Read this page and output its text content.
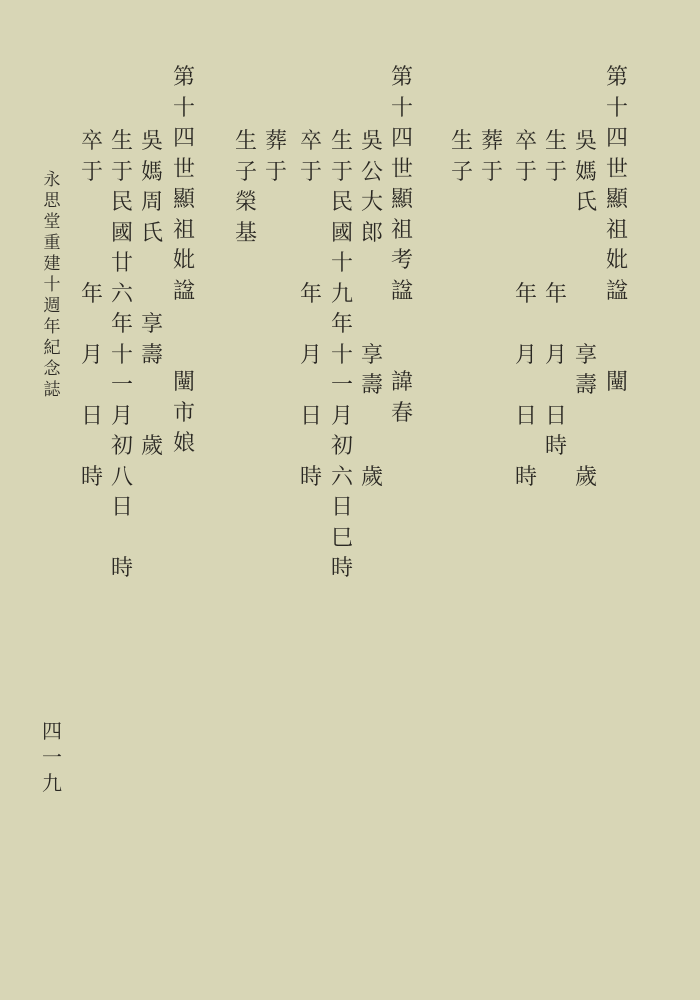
永
思
堂
重
建
十
週
年
紀
念
誌
四
一
九
第
十
四
世
顯
祖
妣
諡
闉
吳
媽
氏
享
壽
歲
生
于
年
月
日
時
卒
于
年
月
日
時
葬
于
生
子
第
十
四
世
顯
祖
考
諡
諱
春
吳
公
大
郎
享
壽
歲
生
于
民
國
十
九
年
十
一
月
初
六
日
巳
時
卒
于
年
月
日
時
葬
于
生
子
榮
基
第
十
四
世
顯
祖
妣
諡
闉
市
娘
吳
媽
周
氏
享
壽
歲
生
于
民
國
廿
六
年
十
一
月
初
八
日
時
卒
于
年
月
日
時
